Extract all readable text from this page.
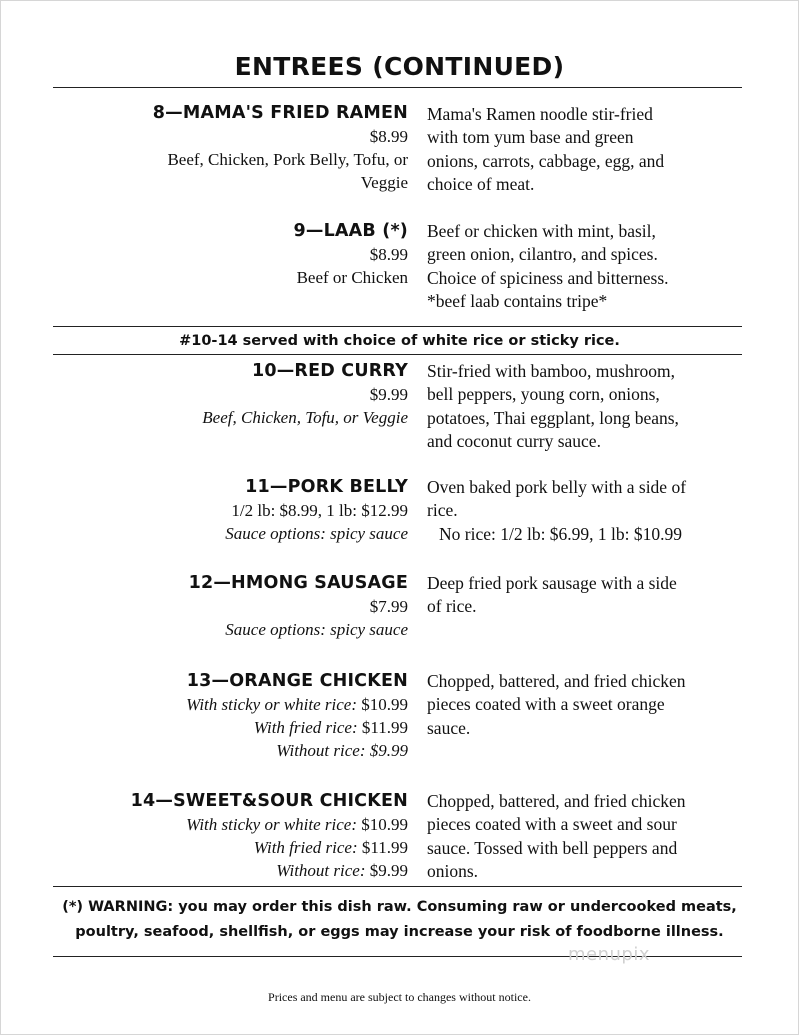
ENTREES (CONTINUED)
8—MAMA'S FRIED RAMEN
$8.99
Beef, Chicken, Pork Belly, Tofu, or
Veggie
Mama's Ramen noodle stir-fried
with tom yum base and green
onions, carrots, cabbage, egg, and
choice of meat.
9—LAAB (*)
$8.99
Beef or Chicken
Beef or chicken with mint, basil,
green onion, cilantro, and spices.
Choice of spiciness and bitterness.
*beef laab contains tripe*
#10-14 served with choice of white rice or sticky rice.
10—RED CURRY
$9.99
Beef, Chicken, Tofu, or Veggie
Stir-fried with bamboo, mushroom,
bell peppers, young corn, onions,
potatoes, Thai eggplant, long beans,
and coconut curry sauce.
11—PORK BELLY
1/2 lb: $8.99, 1 lb: $12.99
Sauce options: spicy sauce
Oven baked pork belly with a side of
rice.
No rice: 1/2 lb: $6.99, 1 lb: $10.99
12—HMONG SAUSAGE
$7.99
Sauce options: spicy sauce
Deep fried pork sausage with a side
of rice.
13—ORANGE CHICKEN
With sticky or white rice: $10.99
With fried rice: $11.99
Without rice: $9.99
Chopped, battered, and fried chicken
pieces coated with a sweet orange
sauce.
14—SWEET&SOUR CHICKEN
With sticky or white rice: $10.99
With fried rice: $11.99
Without rice: $9.99
Chopped, battered, and fried chicken
pieces coated with a sweet and sour
sauce. Tossed with bell peppers and
onions.
(*) WARNING: you may order this dish raw. Consuming raw or undercooked meats,
poultry, seafood, shellfish, or eggs may increase your risk of foodborne illness.
menupix
Prices and menu are subject to changes without notice.
